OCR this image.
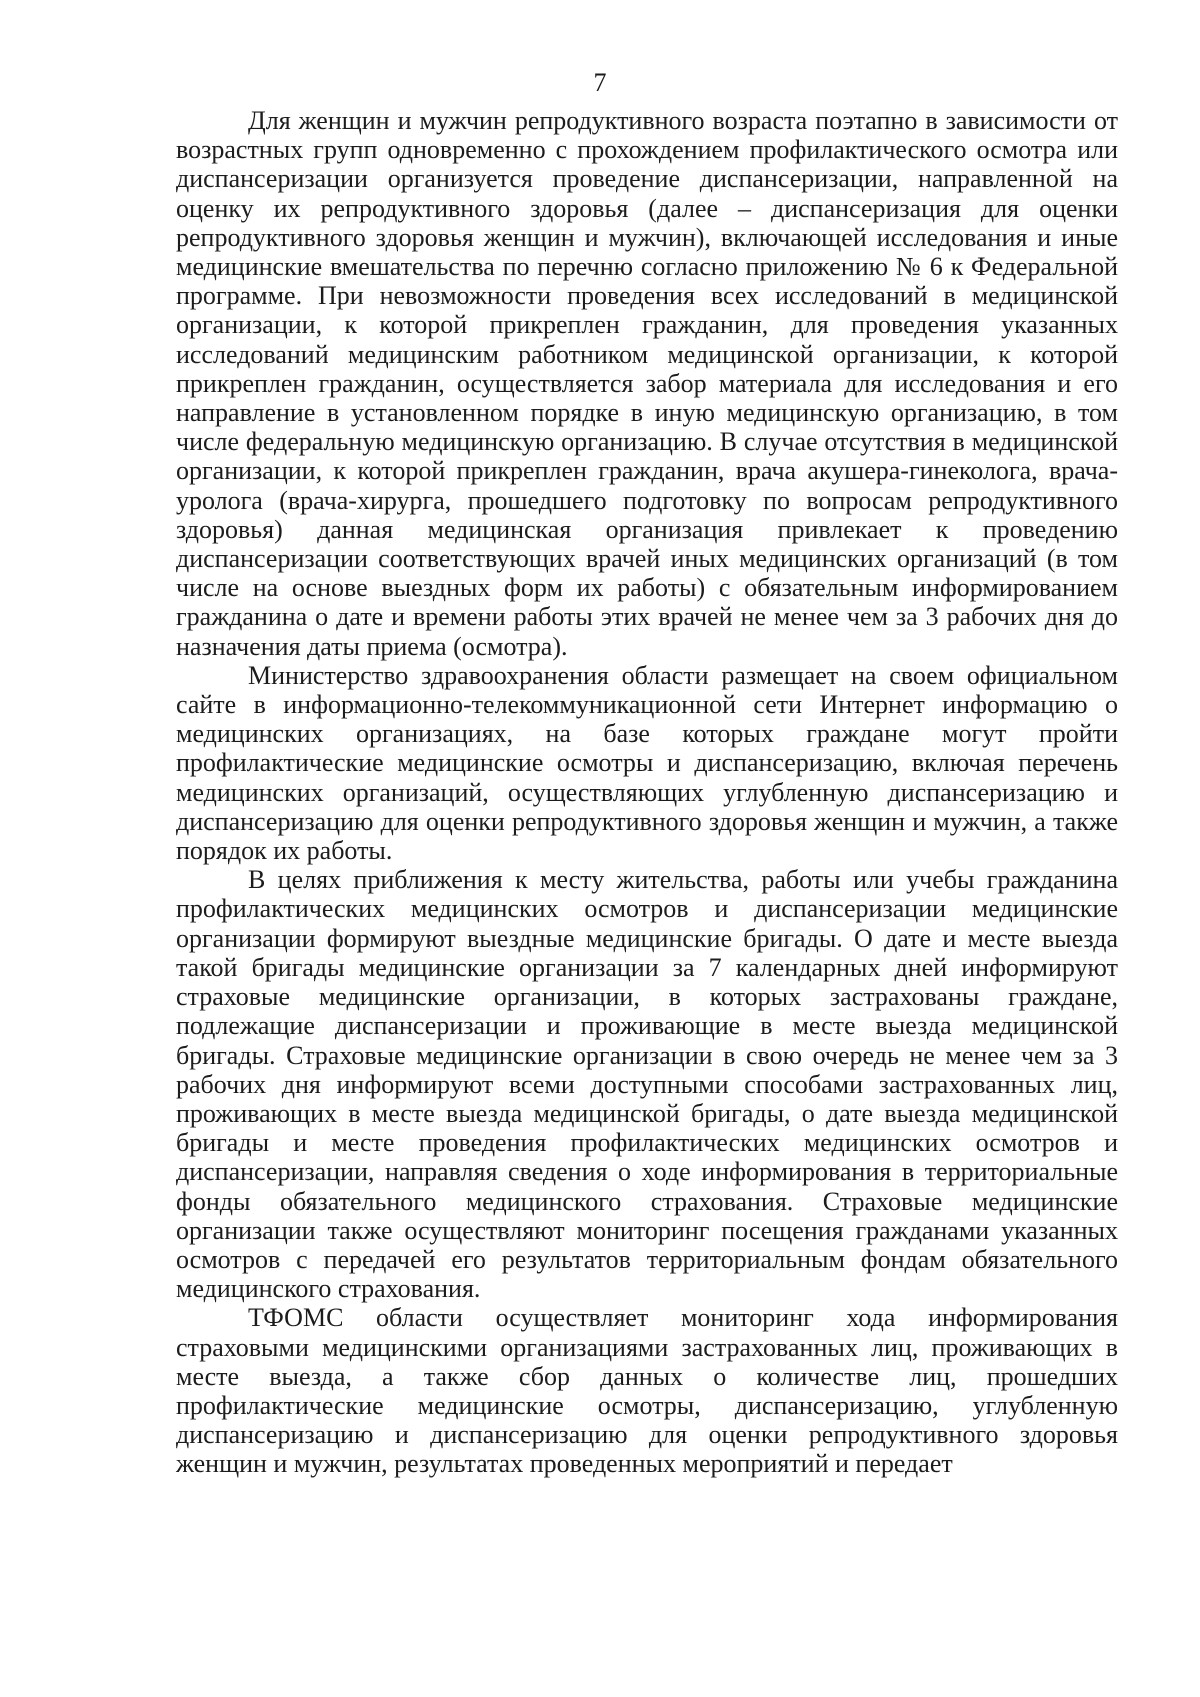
7

Для женщин и мужчин репродуктивного возраста поэтапно в зависимости от возрастных групп одновременно с прохождением профилактического осмотра или диспансеризации организуется проведение диспансеризации, направленной на оценку их репродуктивного здоровья (далее – диспансеризация для оценки репродуктивного здоровья женщин и мужчин), включающей исследования и иные медицинские вмешательства по перечню согласно приложению № 6 к Федеральной программе. При невозможности проведения всех исследований в медицинской организации, к которой прикреплен гражданин, для проведения указанных исследований медицинским работником медицинской организации, к которой прикреплен гражданин, осуществляется забор материала для исследования и его направление в установленном порядке в иную медицинскую организацию, в том числе федеральную медицинскую организацию. В случае отсутствия в медицинской организации, к которой прикреплен гражданин, врача акушера-гинеколога, врача-уролога (врача-хирурга, прошедшего подготовку по вопросам репродуктивного здоровья) данная медицинская организация привлекает к проведению диспансеризации соответствующих врачей иных медицинских организаций (в том числе на основе выездных форм их работы) с обязательным информированием гражданина о дате и времени работы этих врачей не менее чем за 3 рабочих дня до назначения даты приема (осмотра).

Министерство здравоохранения области размещает на своем официальном сайте в информационно-телекоммуникационной сети Интернет информацию о медицинских организациях, на базе которых граждане могут пройти профилактические медицинские осмотры и диспансеризацию, включая перечень медицинских организаций, осуществляющих углубленную диспансеризацию и диспансеризацию для оценки репродуктивного здоровья женщин и мужчин, а также порядок их работы.

В целях приближения к месту жительства, работы или учебы гражданина профилактических медицинских осмотров и диспансеризации медицинские организации формируют выездные медицинские бригады. О дате и месте выезда такой бригады медицинские организации за 7 календарных дней информируют страховые медицинские организации, в которых застрахованы граждане, подлежащие диспансеризации и проживающие в месте выезда медицинской бригады. Страховые медицинские организации в свою очередь не менее чем за 3 рабочих дня информируют всеми доступными способами застрахованных лиц, проживающих в месте выезда медицинской бригады, о дате выезда медицинской бригады и месте проведения профилактических медицинских осмотров и диспансеризации, направляя сведения о ходе информирования в территориальные фонды обязательного медицинского страхования. Страховые медицинские организации также осуществляют мониторинг посещения гражданами указанных осмотров с передачей его результатов территориальным фондам обязательного медицинского страхования.

ТФОМС области осуществляет мониторинг хода информирования страховыми медицинскими организациями застрахованных лиц, проживающих в месте выезда, а также сбор данных о количестве лиц, прошедших профилактические медицинские осмотры, диспансеризацию, углубленную диспансеризацию и диспансеризацию для оценки репродуктивного здоровья женщин и мужчин, результатах проведенных мероприятий и передает
